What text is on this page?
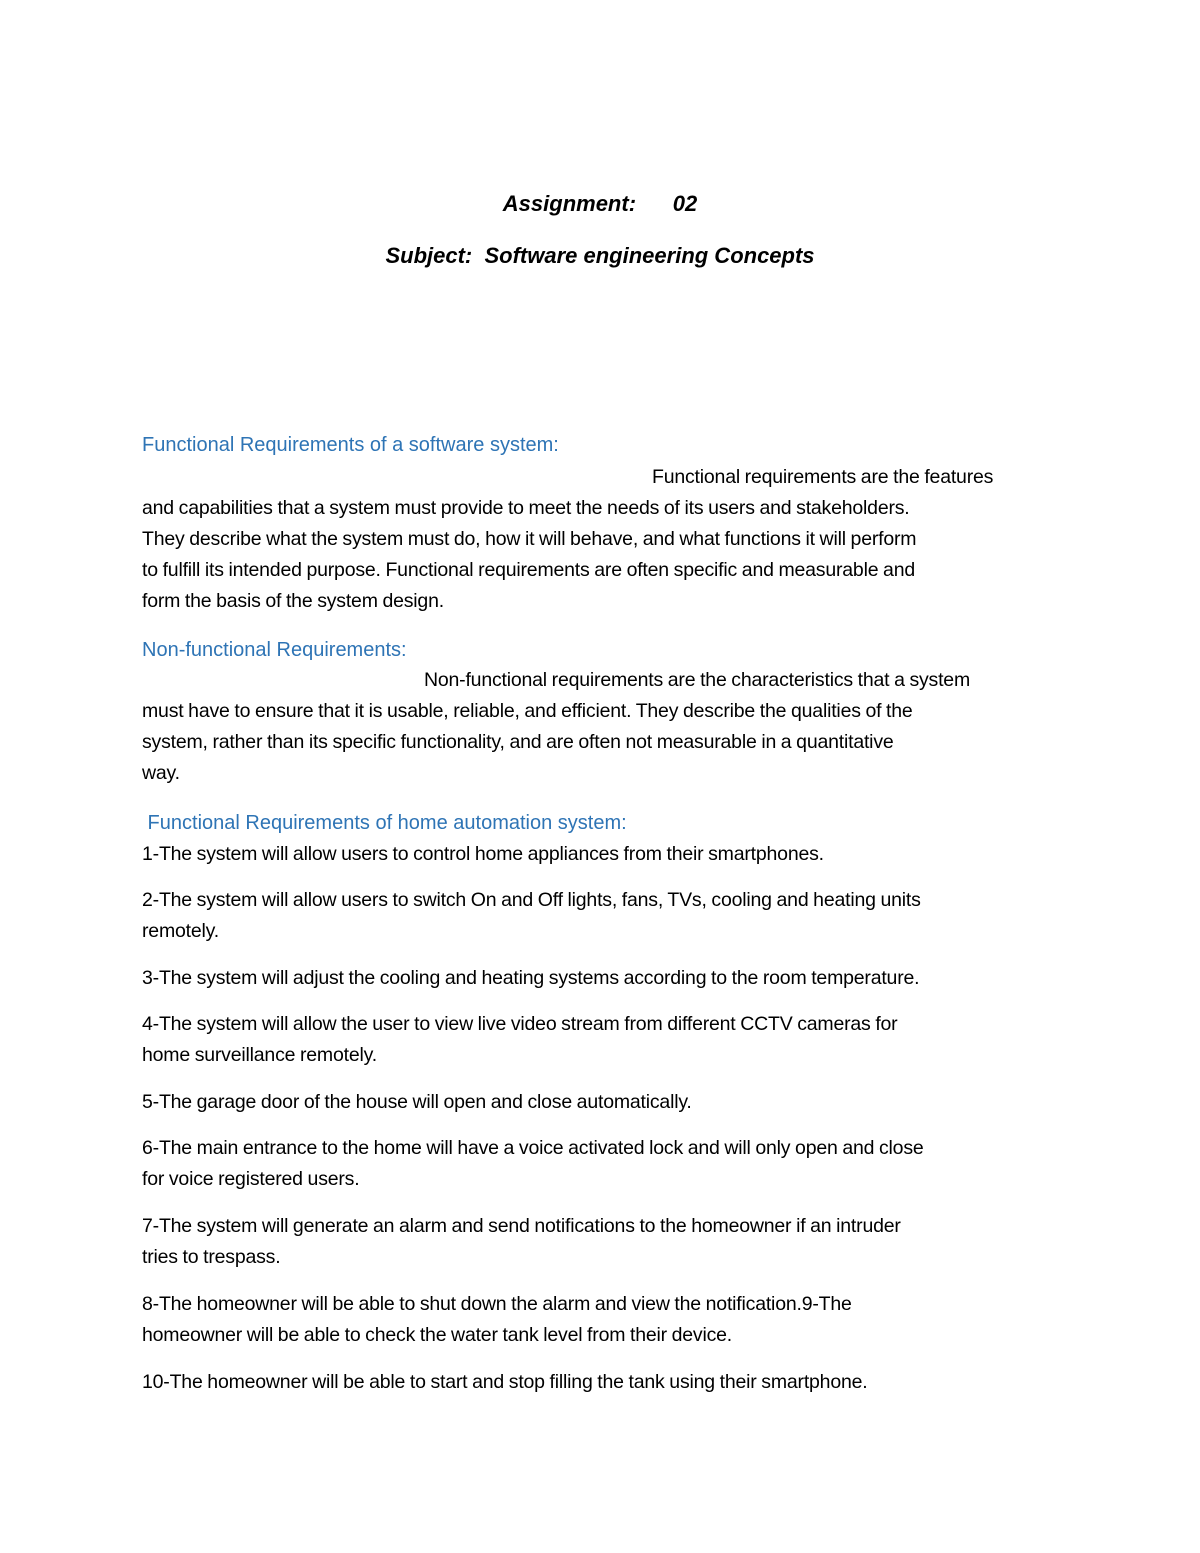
Assignment: 02
Subject: Software engineering Concepts
Functional Requirements of a software system:
Functional requirements are the features
and capabilities that a system must provide to meet the needs of its users and stakeholders.
They describe what the system must do, how it will behave, and what functions it will perform
to fulfill its intended purpose. Functional requirements are often specific and measurable and
form the basis of the system design.
Non-functional Requirements:
Non-functional requirements are the characteristics that a system
must have to ensure that it is usable, reliable, and efficient. They describe the qualities of the
system, rather than its specific functionality, and are often not measurable in a quantitative
way.
Functional Requirements of home automation system:
1-The system will allow users to control home appliances from their smartphones.
2-The system will allow users to switch On and Off lights, fans, TVs, cooling and heating units
remotely.
3-The system will adjust the cooling and heating systems according to the room temperature.
4-The system will allow the user to view live video stream from different CCTV cameras for
home surveillance remotely.
5-The garage door of the house will open and close automatically.
6-The main entrance to the home will have a voice activated lock and will only open and close
for voice registered users.
7-The system will generate an alarm and send notifications to the homeowner if an intruder
tries to trespass.
8-The homeowner will be able to shut down the alarm and view the notification.9-The
homeowner will be able to check the water tank level from their device.
10-The homeowner will be able to start and stop filling the tank using their smartphone.
